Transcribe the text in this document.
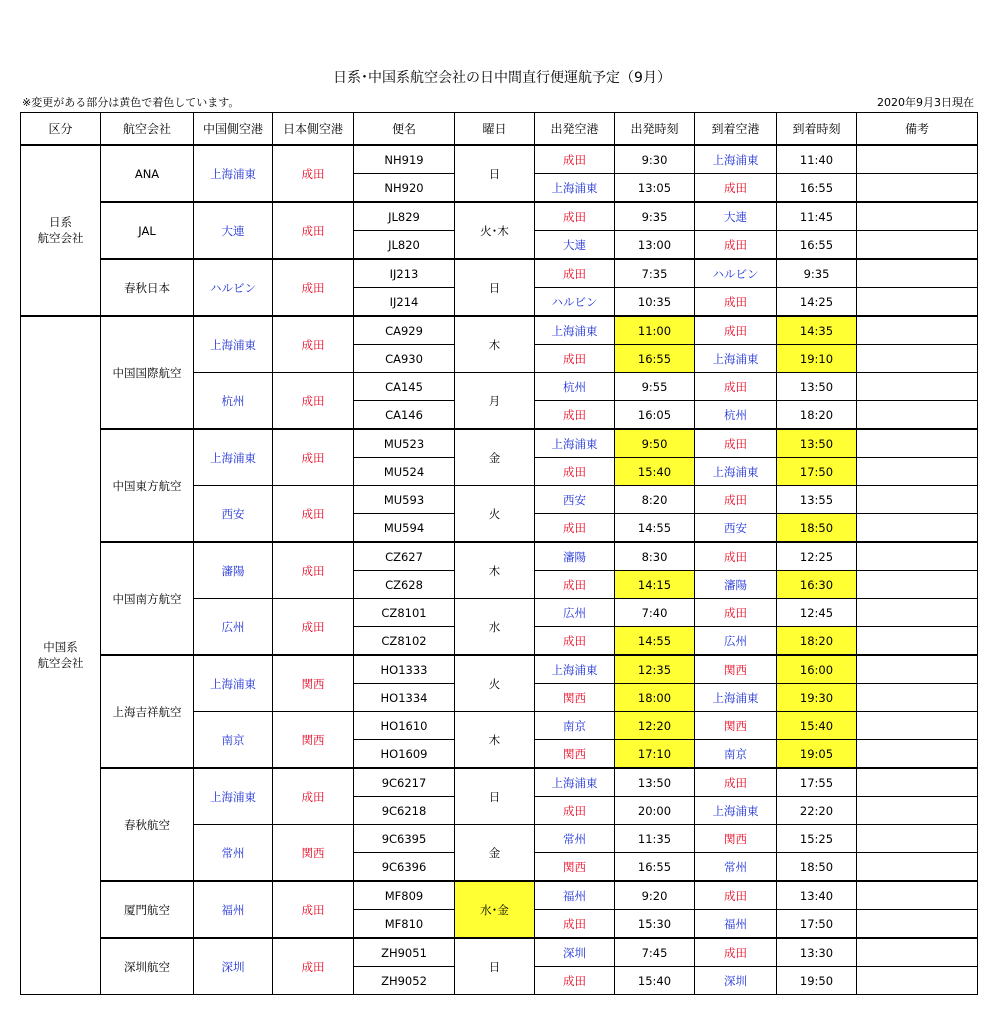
日系･中国系航空会社の日中間直行便運航予定（9月）
※変更がある部分は黄色で着色しています。	2020年9月3日現在
区分	航空会社	中国側空港	日本側空港	便名	曜日	出発空港	出発時刻	到着空港	到着時刻	備考
日系
航空会社	ANA	上海浦東	成田	NH919	日	成田	9:30	上海浦東	11:40	
				NH920		上海浦東	13:05	成田	16:55	
	JAL	大連	成田	JL829	火･木	成田	9:35	大連	11:45	
				JL820		大連	13:00	成田	16:55	
	春秋日本	ハルビン	成田	IJ213	日	成田	7:35	ハルビン	9:35	
				IJ214		ハルビン	10:35	成田	14:25	
中国系
航空会社	中国国際航空	上海浦東	成田	CA929	木	上海浦東	11:00	成田	14:35	
				CA930		成田	16:55	上海浦東	19:10	
		杭州	成田	CA145	月	杭州	9:55	成田	13:50	
				CA146		成田	16:05	杭州	18:20	
	中国東方航空	上海浦東	成田	MU523	金	上海浦東	9:50	成田	13:50	
				MU524		成田	15:40	上海浦東	17:50	
		西安	成田	MU593	火	西安	8:20	成田	13:55	
				MU594		成田	14:55	西安	18:50	
	中国南方航空	瀋陽	成田	CZ627	木	瀋陽	8:30	成田	12:25	
				CZ628		成田	14:15	瀋陽	16:30	
		広州	成田	CZ8101	水	広州	7:40	成田	12:45	
				CZ8102		成田	14:55	広州	18:20	
	上海吉祥航空	上海浦東	関西	HO1333	火	上海浦東	12:35	関西	16:00	
				HO1334		関西	18:00	上海浦東	19:30	
		南京	関西	HO1610	木	南京	12:20	関西	15:40	
				HO1609		関西	17:10	南京	19:05	
	春秋航空	上海浦東	成田	9C6217	日	上海浦東	13:50	成田	17:55	
				9C6218		成田	20:00	上海浦東	22:20	
		常州	関西	9C6395	金	常州	11:35	関西	15:25	
				9C6396		関西	16:55	常州	18:50	
	厦門航空	福州	成田	MF809	水･金	福州	9:20	成田	13:40	
				MF810		成田	15:30	福州	17:50	
	深圳航空	深圳	成田	ZH9051	日	深圳	7:45	成田	13:30	
				ZH9052		成田	15:40	深圳	19:50	
